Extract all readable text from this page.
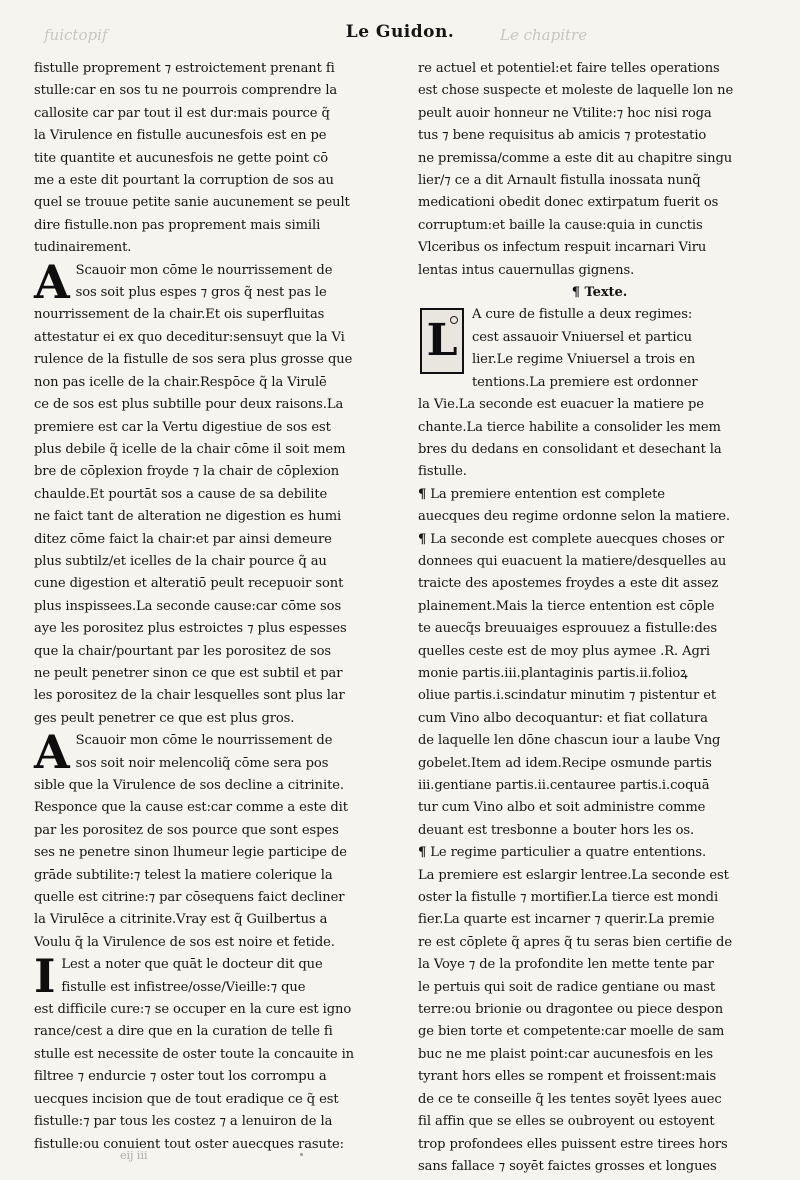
fuictopif	Le chapitre
Le Guidon.
fistulle proprement ⁊ estroictement prenant fi
stulle:car en sos tu ne pourrois comprendre la
callosite car par tout il est dur:mais pource q̃
la Virulence en fistulle aucunesfois est en pe
tite quantite et aucunesfois ne gette point cō
me a este dit pourtant la corruption de sos au
quel se trouue petite sanie aucunement se peult
dire fistulle.non pas proprement mais simili
tudinairement.
A Scauoir mon cōme le nourrissement de
sos soit plus espes ⁊ gros q̃ nest pas le
nourrissement de la chair.Et ois superfluitas
attestatur ei ex quo deceditur:sensuyt que la Vi
rulence de la fistulle de sos sera plus grosse que
non pas icelle de la chair.Respōce q̃ la Virulē
ce de sos est plus subtille pour deux raisons.La
premiere est car la Vertu digestiue de sos est
plus debile q̃ icelle de la chair cōme il soit mem
bre de cōplexion froyde ⁊ la chair de cōplexion
chaulde.Et pourtāt sos a cause de sa debilite
ne faict tant de alteration ne digestion es humi
ditez cōme faict la chair:et par ainsi demeure
plus subtilz/et icelles de la chair pource q̃ au
cune digestion et alteratiō peult recepuoir sont
plus inspissees.La seconde cause:car cōme sos
aye les porositez plus estroictes ⁊ plus espesses
que la chair/pourtant par les porositez de sos
ne peult penetrer sinon ce que est subtil et par
les porositez de la chair lesquelles sont plus lar
ges peult penetrer ce que est plus gros.
A Scauoir mon cōme le nourrissement de
sos soit noir melencoliq̃ cōme sera pos
sible que la Virulence de sos decline a citrinite.
Responce que la cause est:car comme a este dit
par les porositez de sos pource que sont espes
ses ne penetre sinon lhumeur legie participe de
grāde subtilite:⁊ telest la matiere colerique la
quelle est citrine:⁊ par cōsequens faict decliner
la Virulēce a citrinite.Vray est q̃ Guilbertus a
Voulu q̃ la Virulence de sos est noire et fetide.
I Lest a noter que quāt le docteur dit que
fistulle est infistree/osse/Vieille:⁊ que
est difficile cure:⁊ se occuper en la cure est igno
rance/cest a dire que en la curation de telle fi
stulle est necessite de oster toute la concauite in
filtree ⁊ endurcie ⁊ oster tout los corrompu a
uecques incision que de tout eradique ce q̃ est
fistulle:⁊ par tous les costez ⁊ a lenuiron de la
fistulle:ou conuient tout oster auecques rasute:
re actuel et potentiel:et faire telles operations
est chose suspecte et moleste de laquelle lon ne
peult auoir honneur ne Vtilite:⁊ hoc nisi roga
tus ⁊ bene requisitus ab amicis ⁊ protestatio
ne premissa/comme a este dit au chapitre singu
lier/⁊ ce a dit Arnault fistulla inossata nunq̃
medicationi obedit donec extirpatum fuerit os
corruptum:et baille la cause:quia in cunctis
Vlceribus os infectum respuit incarnari Viru
lentas intus cauernullas gignens.
¶ Texte.
L
A cure de fistulle a deux regimes:
cest assauoir Vniuersel et particu
lier.Le regime Vniuersel a trois en
tentions.La premiere est ordonner
la Vie.La seconde est euacuer la matiere pe
chante.La tierce habilite a consolider les mem
bres du dedans en consolidant et desechant la
fistulle.
¶ La premiere entention est complete
auecques deu regime ordonne selon la matiere.
¶ La seconde est complete auecques choses or
donnees qui euacuent la matiere/desquelles au
traicte des apostemes froydes a este dit assez
plainement.Mais la tierce entention est cōple
te auecq̃s breuuaiges esprouuez a fistulle:des
quelles ceste est de moy plus aymee .R. Agri
monie partis.iii.plantaginis partis.ii.folioꝝ
oliue partis.i.scindatur minutim ⁊ pistentur et
cum Vino albo decoquantur: et fiat collatura
de laquelle len dōne chascun iour a laube Vng
gobelet.Item ad idem.Recipe osmunde partis
iii.gentiane partis.ii.centauree partis.i.coquā
tur cum Vino albo et soit administre comme
deuant est tresbonne a bouter hors les os.
¶ Le regime particulier a quatre ententions.
La premiere est eslargir lentree.La seconde est
oster la fistulle ⁊ mortifier.La tierce est mondi
fier.La quarte est incarner ⁊ querir.La premie
re est cōplete q̃ apres q̃ tu seras bien certifie de
la Voye ⁊ de la profondite len mette tente par
le pertuis qui soit de radice gentiane ou mast
terre:ou brionie ou dragontee ou piece despon
ge bien torte et competente:car moelle de sam
buc ne me plaist point:car aucunesfois en les
tyrant hors elles se rompent et froissent:mais
de ce te conseille q̃ les tentes soyēt lyees auec
fil affin que se elles se oubroyent ou estoyent
trop profondees elles puissent estre tirees hors
sans fallace ⁊ soyēt faictes grosses et longues
eij iii
